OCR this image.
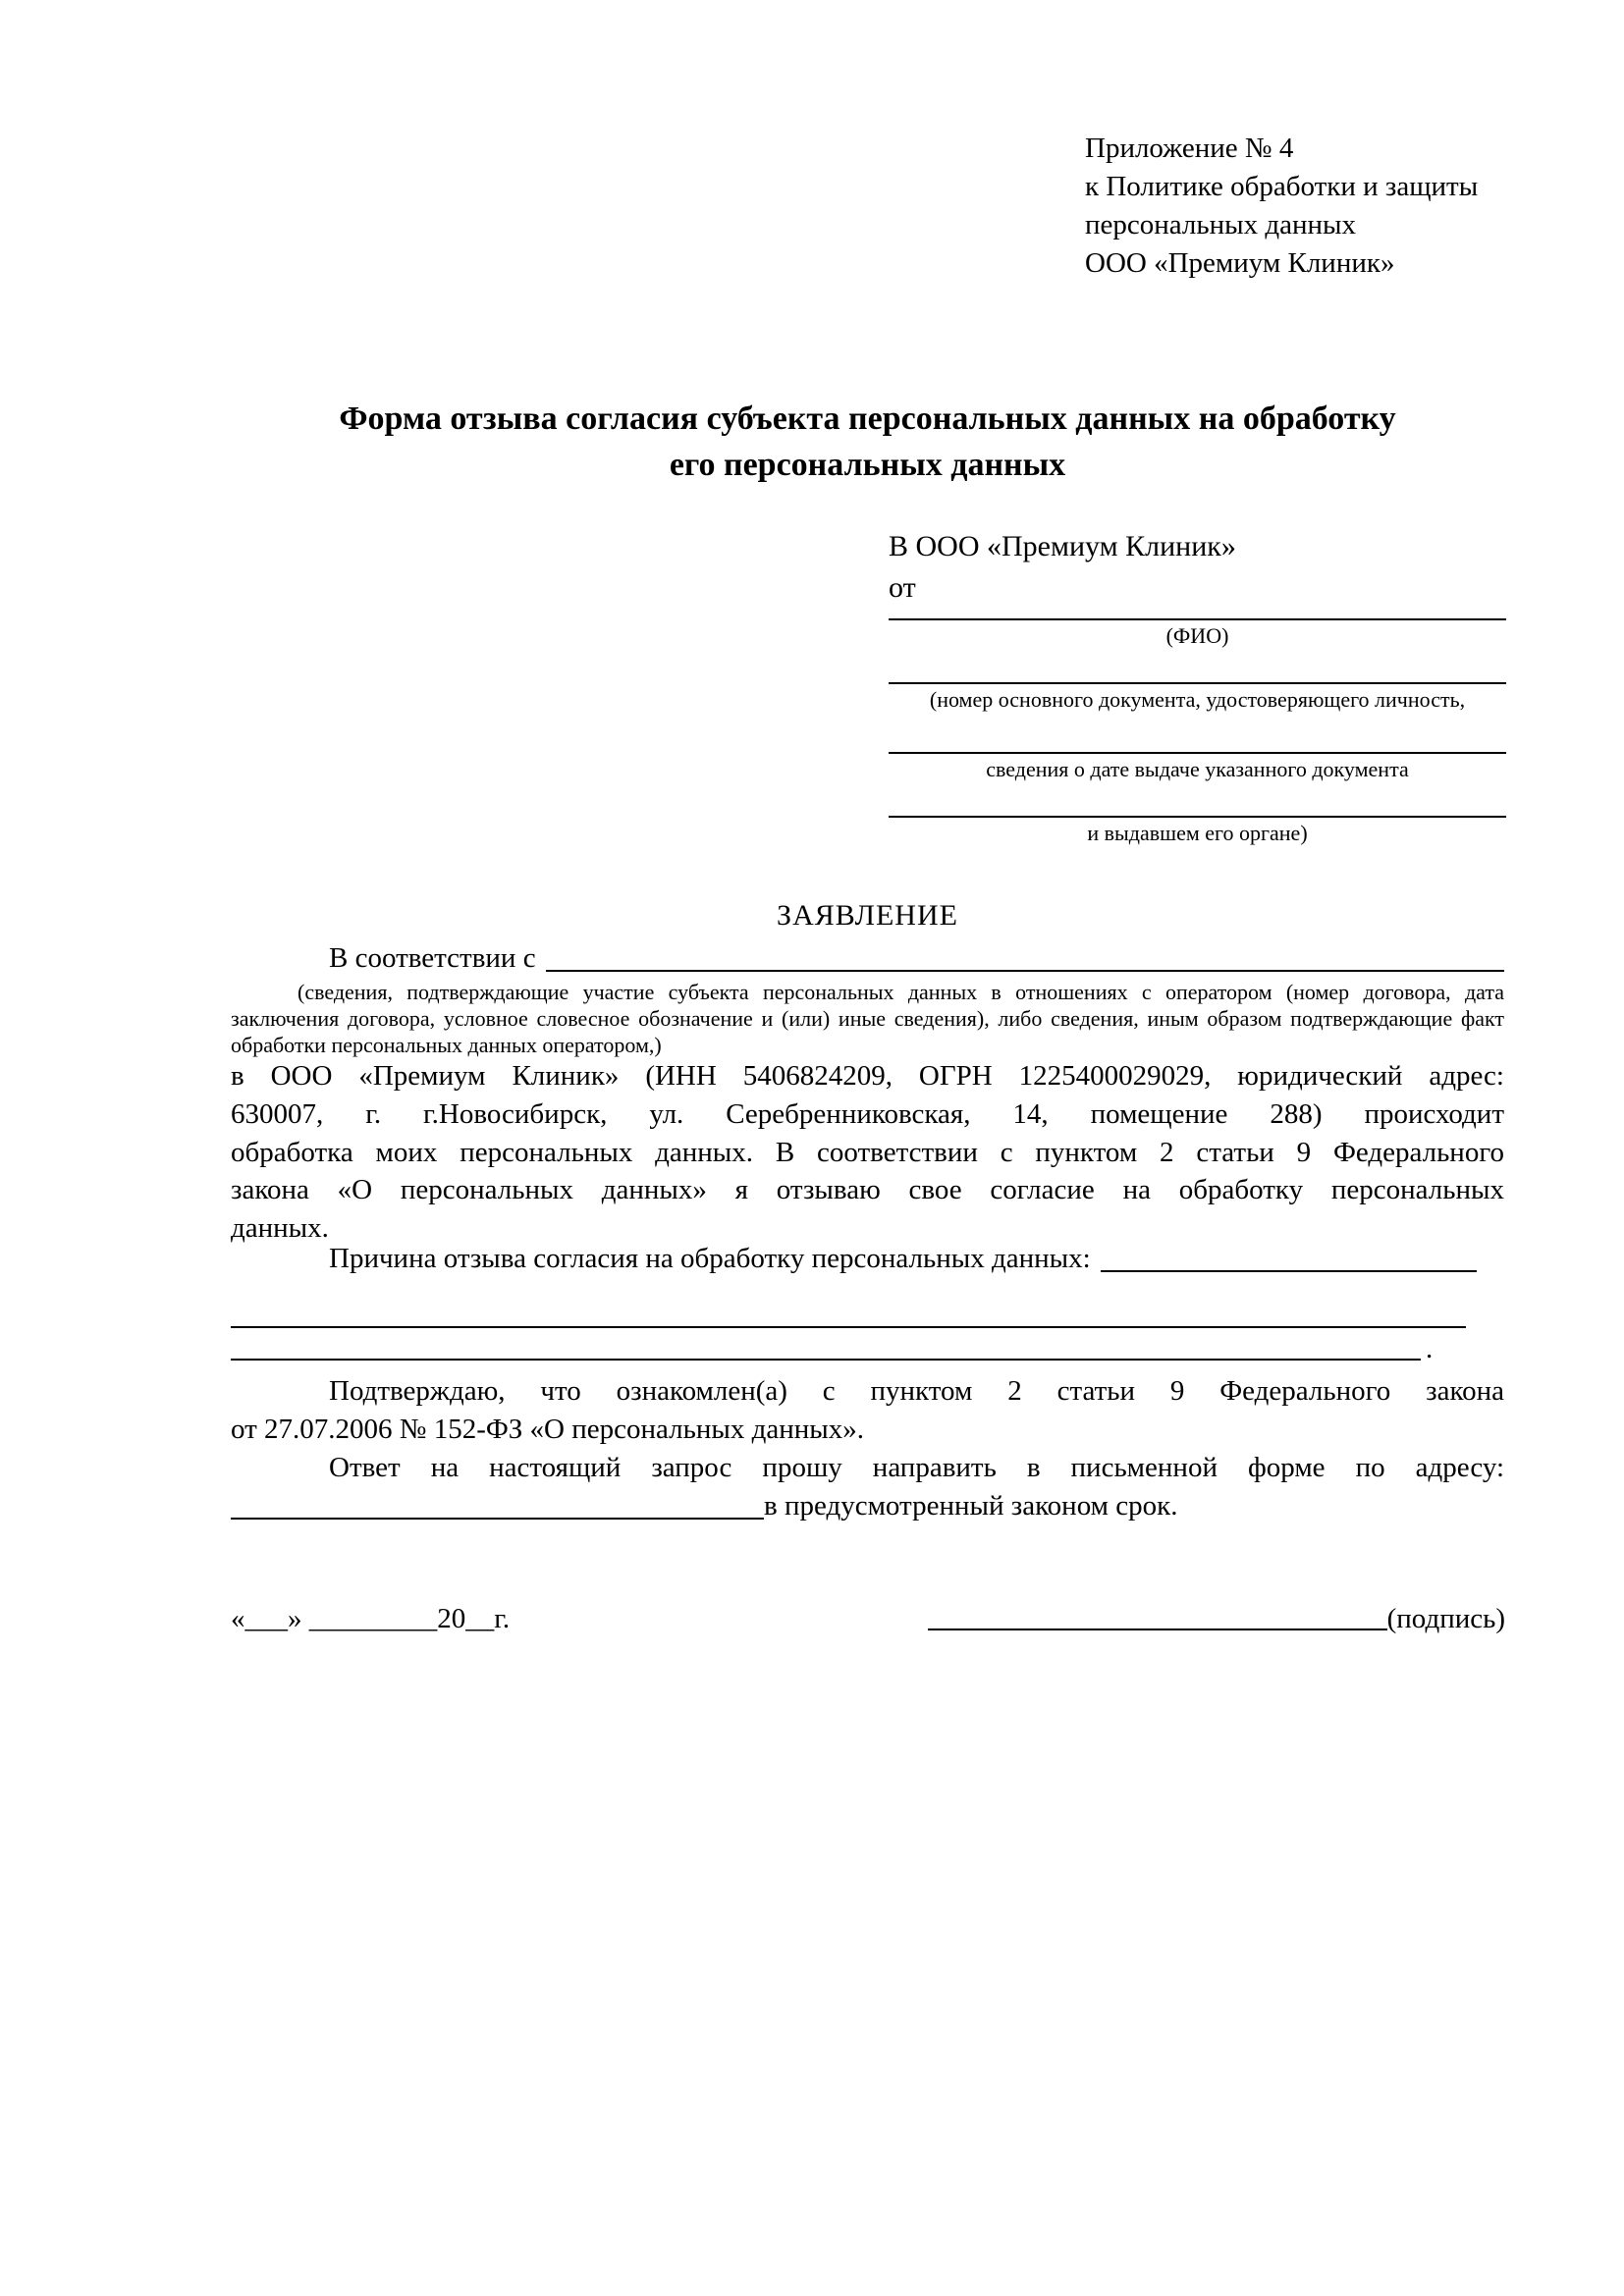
Приложение № 4
к Политике обработки и защиты
персональных данных
ООО «Премиум Клиник»
Форма отзыва согласия субъекта персональных данных на обработку
его персональных данных
В ООО «Премиум Клиник»
от
(ФИО)
(номер основного документа, удостоверяющего личность,
сведения о дате выдаче указанного документа
и выдавшем его органе)
ЗАЯВЛЕНИЕ
В соответствии с
(сведения, подтверждающие участие субъекта персональных данных в отношениях с оператором (номер договора, дата
заключения договора, условное словесное обозначение и (или) иные сведения), либо сведения, иным образом подтверждающие факт
обработки персональных данных оператором,)
в ООО «Премиум Клиник» (ИНН 5406824209, ОГРН 1225400029029, юридический адрес:
630007, г. г.Новосибирск, ул. Серебренниковская, 14, помещение 288) происходит
обработка моих персональных данных. В соответствии с пунктом 2 статьи 9 Федерального
закона «О персональных данных» я отзываю свое согласие на обработку персональных
данных.
Причина отзыва согласия на обработку персональных данных:
.
Подтверждаю, что ознакомлен(а) с пунктом 2 статьи 9 Федерального закона
от 27.07.2006 № 152-ФЗ «О персональных данных».
Ответ на настоящий запрос прошу направить в письменной форме по адресу:
в предусмотренный законом срок.
«___» _________20__г.	(подпись)
